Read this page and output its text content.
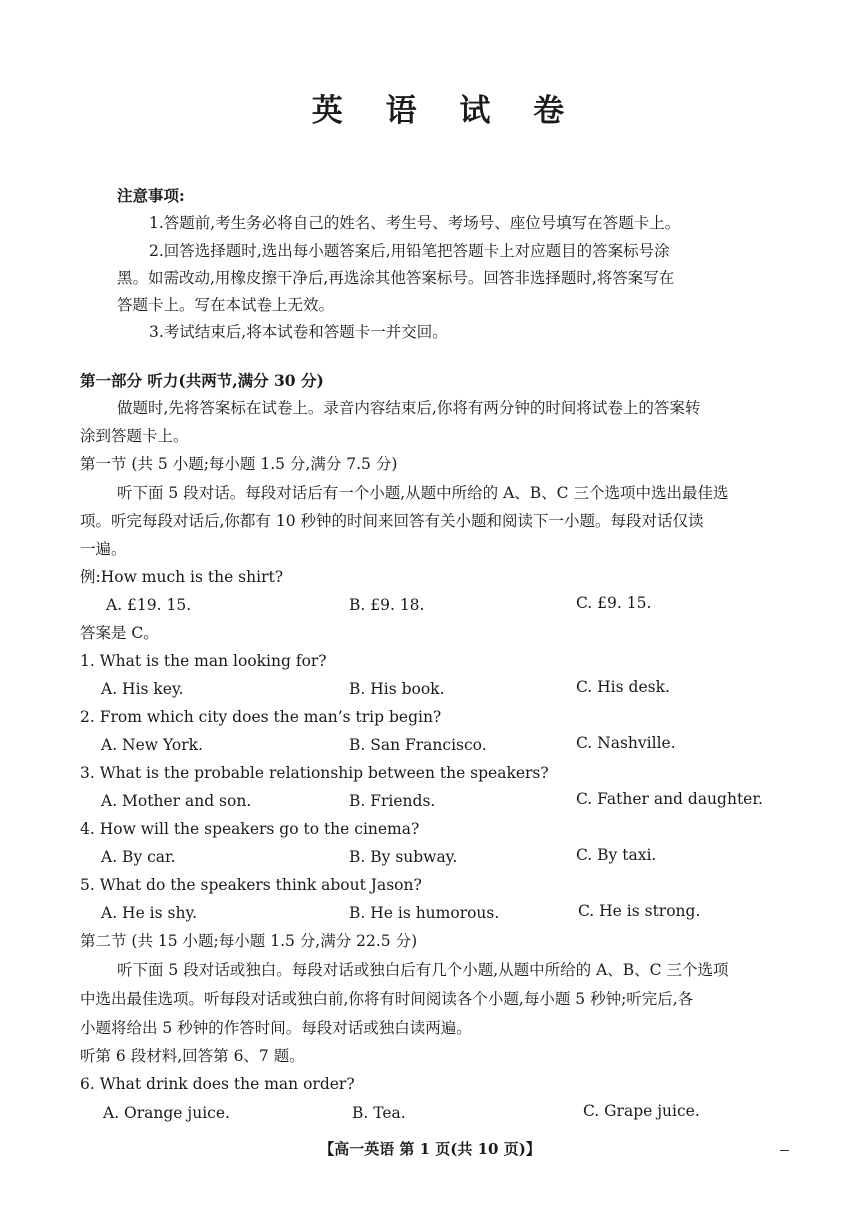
英 语 试 卷
注意事项:
1.答题前,考生务必将自己的姓名、考生号、考场号、座位号填写在答题卡上。
2.回答选择题时,选出每小题答案后,用铅笔把答题卡上对应题目的答案标号涂
黑。如需改动,用橡皮擦干净后,再选涂其他答案标号。回答非选择题时,将答案写在
答题卡上。写在本试卷上无效。
3.考试结束后,将本试卷和答题卡一并交回。
第一部分 听力(共两节,满分 30 分)
做题时,先将答案标在试卷上。录音内容结束后,你将有两分钟的时间将试卷上的答案转
涂到答题卡上。
第一节 (共 5 小题;每小题 1.5 分,满分 7.5 分)
听下面 5 段对话。每段对话后有一个小题,从题中所给的 A、B、C 三个选项中选出最佳选
项。听完每段对话后,你都有 10 秒钟的时间来回答有关小题和阅读下一小题。每段对话仅读
一遍。
例:How much is the shirt?
A. £19. 15.	B. £9. 18.	C. £9. 15.
答案是 C。
1. What is the man looking for?
A. His key.	B. His book.	C. His desk.
2. From which city does the man’s trip begin?
A. New York.	B. San Francisco.	C. Nashville.
3. What is the probable relationship between the speakers?
A. Mother and son.	B. Friends.	C. Father and daughter.
4. How will the speakers go to the cinema?
A. By car.	B. By subway.	C. By taxi.
5. What do the speakers think about Jason?
A. He is shy.	B. He is humorous.	C. He is strong.
第二节 (共 15 小题;每小题 1.5 分,满分 22.5 分)
听下面 5 段对话或独白。每段对话或独白后有几个小题,从题中所给的 A、B、C 三个选项
中选出最佳选项。听每段对话或独白前,你将有时间阅读各个小题,每小题 5 秒钟;听完后,各
小题将给出 5 秒钟的作答时间。每段对话或独白读两遍。
听第 6 段材料,回答第 6、7 题。
6. What drink does the man order?
A. Orange juice.	B. Tea.	C. Grape juice.
【高一英语 第 1 页(共 10 页)】
